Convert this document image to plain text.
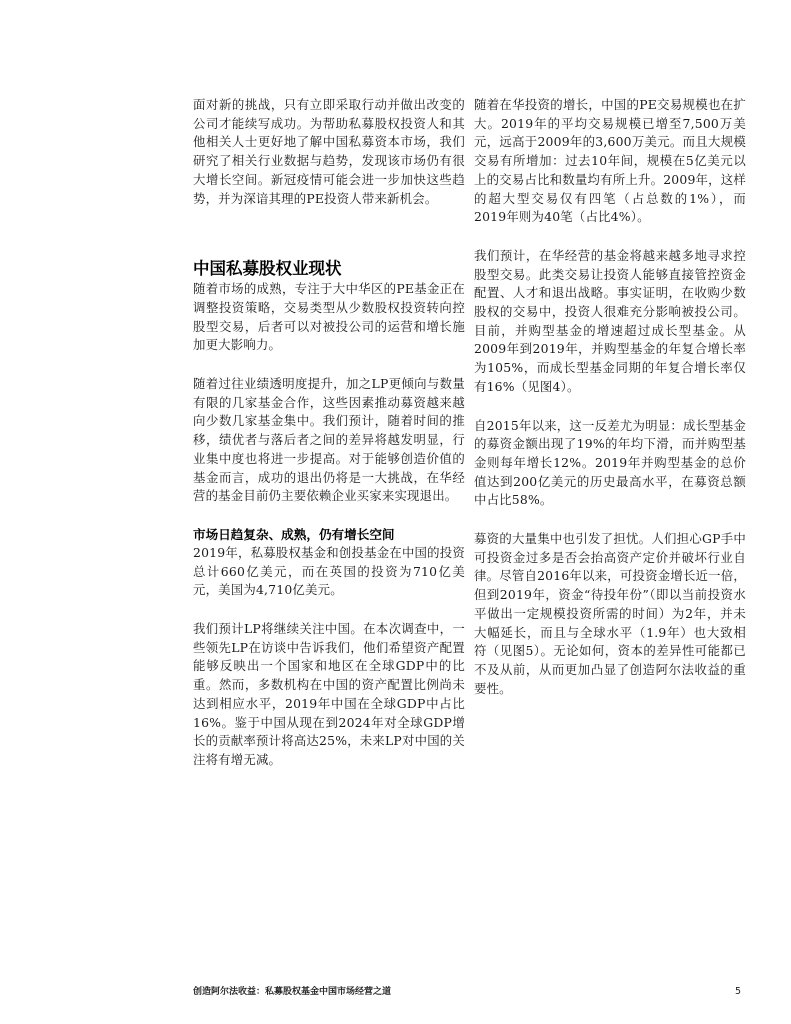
面对新的挑战，只有立即采取行动并做出改变的公司才能续写成功。为帮助私募股权投资人和其他相关人士更好地了解中国私募资本市场，我们研究了相关行业数据与趋势，发现该市场仍有很大增长空间。新冠疫情可能会进一步加快这些趋势，并为深谙其理的PE投资人带来新机会。

中国私募股权业现状

随着市场的成熟，专注于大中华区的PE基金正在调整投资策略，交易类型从少数股权投资转向控股型交易，后者可以对被投公司的运营和增长施加更大影响力。

随着过往业绩透明度提升，加之LP更倾向与数量有限的几家基金合作，这些因素推动募资越来越向少数几家基金集中。我们预计，随着时间的推移，绩优者与落后者之间的差异将越发明显，行业集中度也将进一步提高。对于能够创造价值的基金而言，成功的退出仍将是一大挑战，在华经营的基金目前仍主要依赖企业买家来实现退出。

市场日趋复杂、成熟，仍有增长空间

2019年，私募股权基金和创投基金在中国的投资总计660亿美元，而在英国的投资为710亿美元，美国为4,710亿美元。

我们预计LP将继续关注中国。在本次调查中，一些领先LP在访谈中告诉我们，他们希望资产配置能够反映出一个国家和地区在全球GDP中的比重。然而，多数机构在中国的资产配置比例尚未达到相应水平，2019年中国在全球GDP中占比16%。鉴于中国从现在到2024年对全球GDP增长的贡献率预计将高达25%，未来LP对中国的关注将有增无减。

随着在华投资的增长，中国的PE交易规模也在扩大。2019年的平均交易规模已增至7,500万美元，远高于2009年的3,600万美元。而且大规模交易有所增加：过去10年间，规模在5亿美元以上的交易占比和数量均有所上升。2009年，这样的超大型交易仅有四笔（占总数的1%），而2019年则为40笔（占比4%）。

我们预计，在华经营的基金将越来越多地寻求控股型交易。此类交易让投资人能够直接管控资金配置、人才和退出战略。事实证明，在收购少数股权的交易中，投资人很难充分影响被投公司。目前，并购型基金的增速超过成长型基金。从2009年到2019年，并购型基金的年复合增长率为105%，而成长型基金同期的年复合增长率仅有16%（见图4）。

自2015年以来，这一反差尤为明显：成长型基金的募资金额出现了19%的年均下滑，而并购型基金则每年增长12%。2019年并购型基金的总价值达到200亿美元的历史最高水平，在募资总额中占比58%。

募资的大量集中也引发了担忧。人们担心GP手中可投资金过多是否会抬高资产定价并破坏行业自律。尽管自2016年以来，可投资金增长近一倍，但到2019年，资金“待投年份”（即以当前投资水平做出一定规模投资所需的时间）为2年，并未大幅延长，而且与全球水平（1.9年）也大致相符（见图5）。无论如何，资本的差异性可能都已不及从前，从而更加凸显了创造阿尔法收益的重要性。

创造阿尔法收益：私募股权基金中国市场经营之道	5
